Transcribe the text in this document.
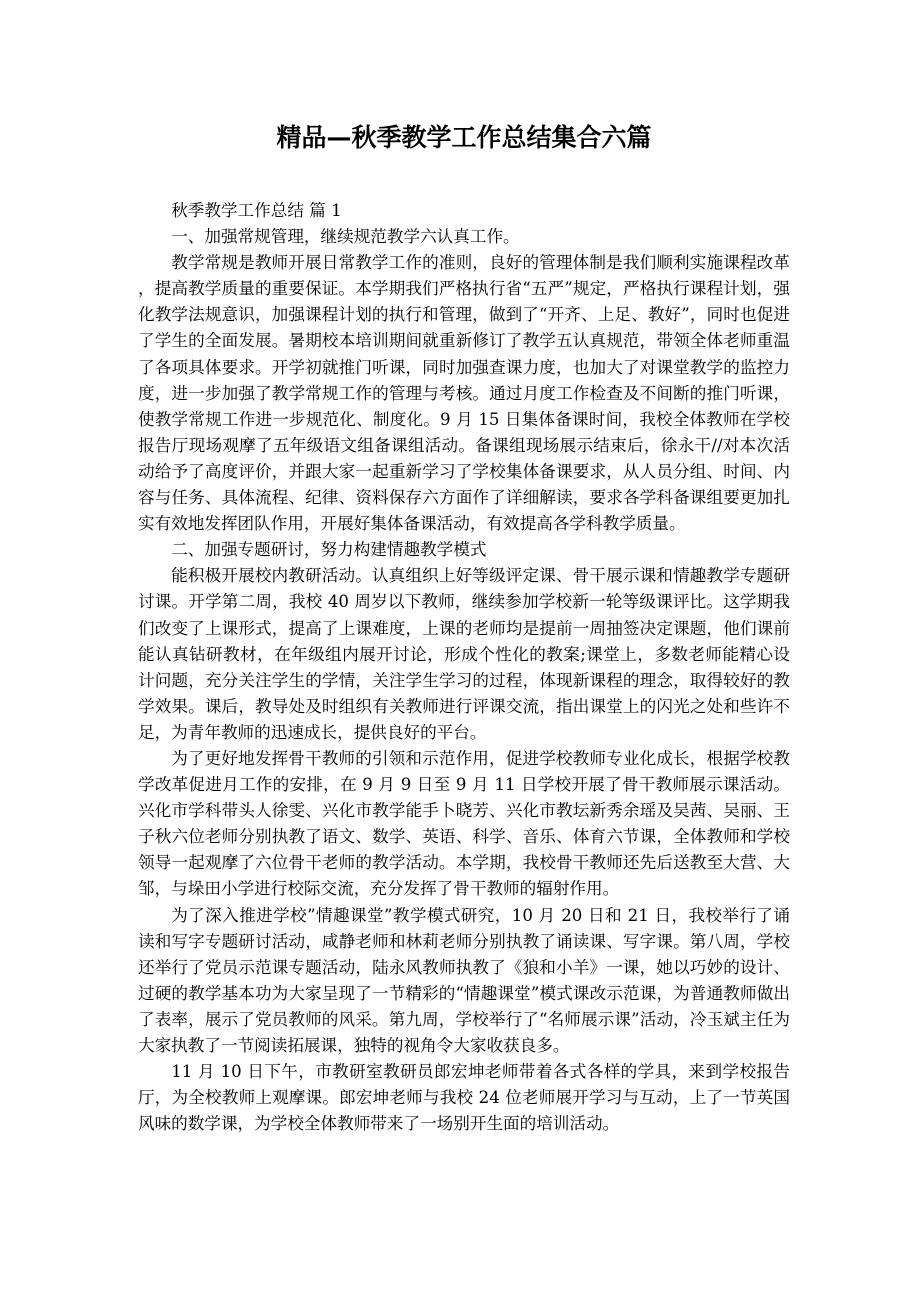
精品—秋季教学工作总结集合六篇

秋季教学工作总结 篇 1

一、加强常规管理，继续规范教学六认真工作。

教学常规是教师开展日常教学工作的准则，良好的管理体制是我们顺利实施课程改革，提高教学质量的重要保证。本学期我们严格执行省“五严”规定，严格执行课程计划，强化教学法规意识，加强课程计划的执行和管理，做到了“开齐、上足、教好”，同时也促进了学生的全面发展。暑期校本培训期间就重新修订了教学五认真规范，带领全体老师重温了各项具体要求。开学初就推门听课，同时加强查课力度，也加大了对课堂教学的监控力度，进一步加强了教学常规工作的管理与考核。通过月度工作检查及不间断的推门听课，使教学常规工作进一步规范化、制度化。9 月 15 日集体备课时间，我校全体教师在学校报告厅现场观摩了五年级语文组备课组活动。备课组现场展示结束后，徐永干//对本次活动给予了高度评价，并跟大家一起重新学习了学校集体备课要求，从人员分组、时间、内容与任务、具体流程、纪律、资料保存六方面作了详细解读，要求各学科备课组要更加扎实有效地发挥团队作用，开展好集体备课活动，有效提高各学科教学质量。

二、加强专题研讨，努力构建情趣教学模式

能积极开展校内教研活动。认真组织上好等级评定课、骨干展示课和情趣教学专题研讨课。开学第二周，我校 40 周岁以下教师，继续参加学校新一轮等级课评比。这学期我们改变了上课形式，提高了上课难度，上课的老师均是提前一周抽签决定课题，他们课前能认真钻研教材，在年级组内展开讨论，形成个性化的教案;课堂上，多数老师能精心设计问题，充分关注学生的学情，关注学生学习的过程，体现新课程的理念，取得较好的教学效果。课后，教导处及时组织有关教师进行评课交流，指出课堂上的闪光之处和些许不足，为青年教师的迅速成长，提供良好的平台。

为了更好地发挥骨干教师的引领和示范作用，促进学校教师专业化成长，根据学校教学改革促进月工作的安排，在 9 月 9 日至 9 月 11 日学校开展了骨干教师展示课活动。兴化市学科带头人徐雯、兴化市教学能手卜晓芳、兴化市教坛新秀余瑶及吴茜、吴丽、王子秋六位老师分别执教了语文、数学、英语、科学、音乐、体育六节课，全体教师和学校领导一起观摩了六位骨干老师的教学活动。本学期，我校骨干教师还先后送教至大营、大邹，与垛田小学进行校际交流，充分发挥了骨干教师的辐射作用。

为了深入推进学校”情趣课堂”教学模式研究，10 月 20 日和 21 日，我校举行了诵读和写字专题研讨活动，咸静老师和林莉老师分别执教了诵读课、写字课。第八周，学校还举行了党员示范课专题活动，陆永风教师执教了《狼和小羊》一课，她以巧妙的设计、过硬的教学基本功为大家呈现了一节精彩的“情趣课堂”模式课改示范课，为普通教师做出了表率，展示了党员教师的风采。第九周，学校举行了“名师展示课”活动，冷玉斌主任为大家执教了一节阅读拓展课，独特的视角令大家收获良多。

11 月 10 日下午，市教研室教研员郎宏坤老师带着各式各样的学具，来到学校报告厅，为全校教师上观摩课。郎宏坤老师与我校 24 位老师展开学习与互动，上了一节英国风味的数学课，为学校全体教师带来了一场别开生面的培训活动。
